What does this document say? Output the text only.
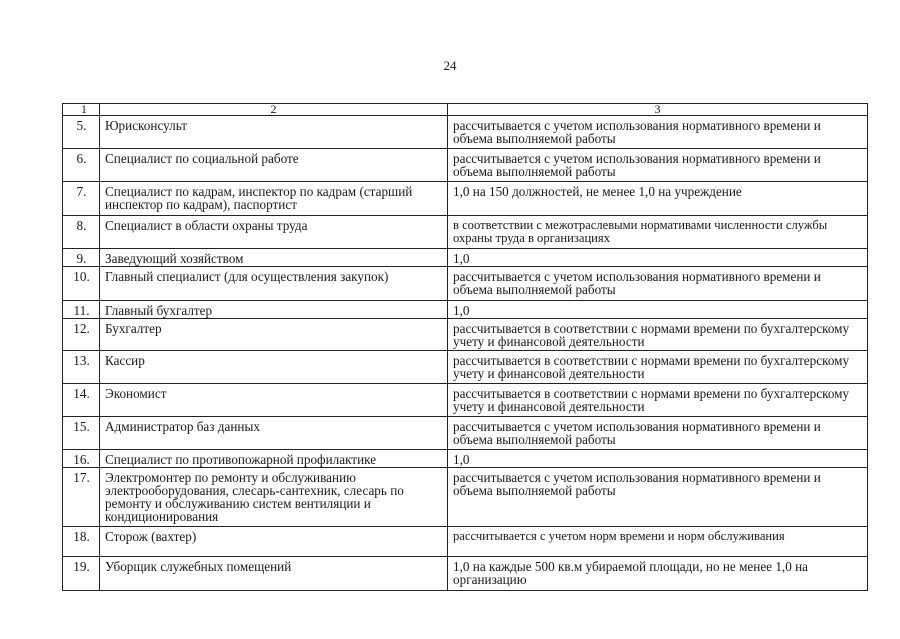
24
1	2	3
5.	Юрисконсульт	рассчитывается с учетом использования нормативного времени и объема выполняемой работы
6.	Специалист по социальной работе	рассчитывается с учетом использования нормативного времени и объема выполняемой работы
7.	Специалист по кадрам, инспектор по кадрам (старший инспектор по кадрам), паспортист	1,0 на 150 должностей, не менее 1,0 на учреждение
8.	Специалист в области охраны труда	в соответствии с межотраслевыми нормативами численности службы охраны труда в организациях
9.	Заведующий хозяйством	1,0
10.	Главный специалист (для осуществления закупок)	рассчитывается с учетом использования нормативного времени и объема выполняемой работы
11.	Главный бухгалтер	1,0
12.	Бухгалтер	рассчитывается в соответствии с нормами времени по бухгалтерскому учету и финансовой деятельности
13.	Кассир	рассчитывается в соответствии с нормами времени по бухгалтерскому учету и финансовой деятельности
14.	Экономист	рассчитывается в соответствии с нормами времени по бухгалтерскому учету и финансовой деятельности
15.	Администратор баз данных	рассчитывается с учетом использования нормативного времени и объема выполняемой работы
16.	Специалист по противопожарной профилактике	1,0
17.	Электромонтер по ремонту и обслуживанию электрооборудования, слесарь-сантехник, слесарь по ремонту и обслуживанию систем вентиляции и кондиционирования	рассчитывается с учетом использования нормативного времени и объема выполняемой работы
18.	Сторож (вахтер)	рассчитывается с учетом норм времени и норм обслуживания
19.	Уборщик служебных помещений	1,0 на каждые 500 кв.м убираемой площади, но не менее 1,0 на организацию
